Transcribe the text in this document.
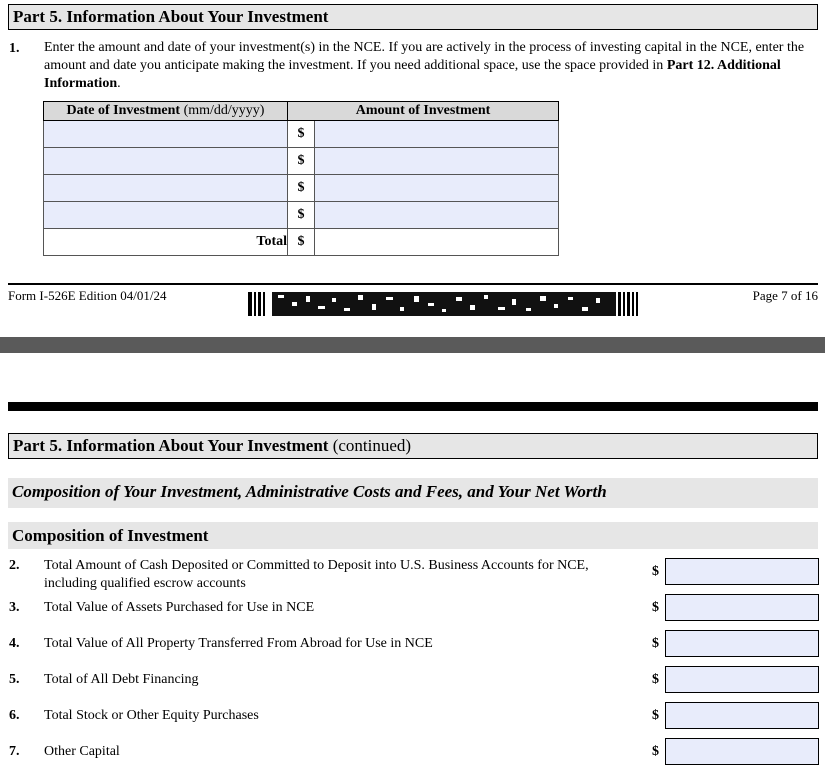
Part 5. Information About Your Investment
1. Enter the amount and date of your investment(s) in the NCE. If you are actively in the process of investing capital in the NCE, enter the amount and date you anticipate making the investment. If you need additional space, use the space provided in Part 12. Additional Information.
Date of Investment (mm/dd/yyyy)	Amount of Investment	
	$	
	$	
	$	
	$	
Total	$	
Form I-526E Edition 04/01/24	Page 7 of 16
Part 5. Information About Your Investment (continued)
Composition of Your Investment, Administrative Costs and Fees, and Your Net Worth
Composition of Investment
2. Total Amount of Cash Deposited or Committed to Deposit into U.S. Business Accounts for NCE, including qualified escrow accounts
$
3. Total Value of Assets Purchased for Use in NCE	$
4. Total Value of All Property Transferred From Abroad for Use in NCE	$
5. Total of All Debt Financing	$
6. Total Stock or Other Equity Purchases	$
7. Other Capital	$
